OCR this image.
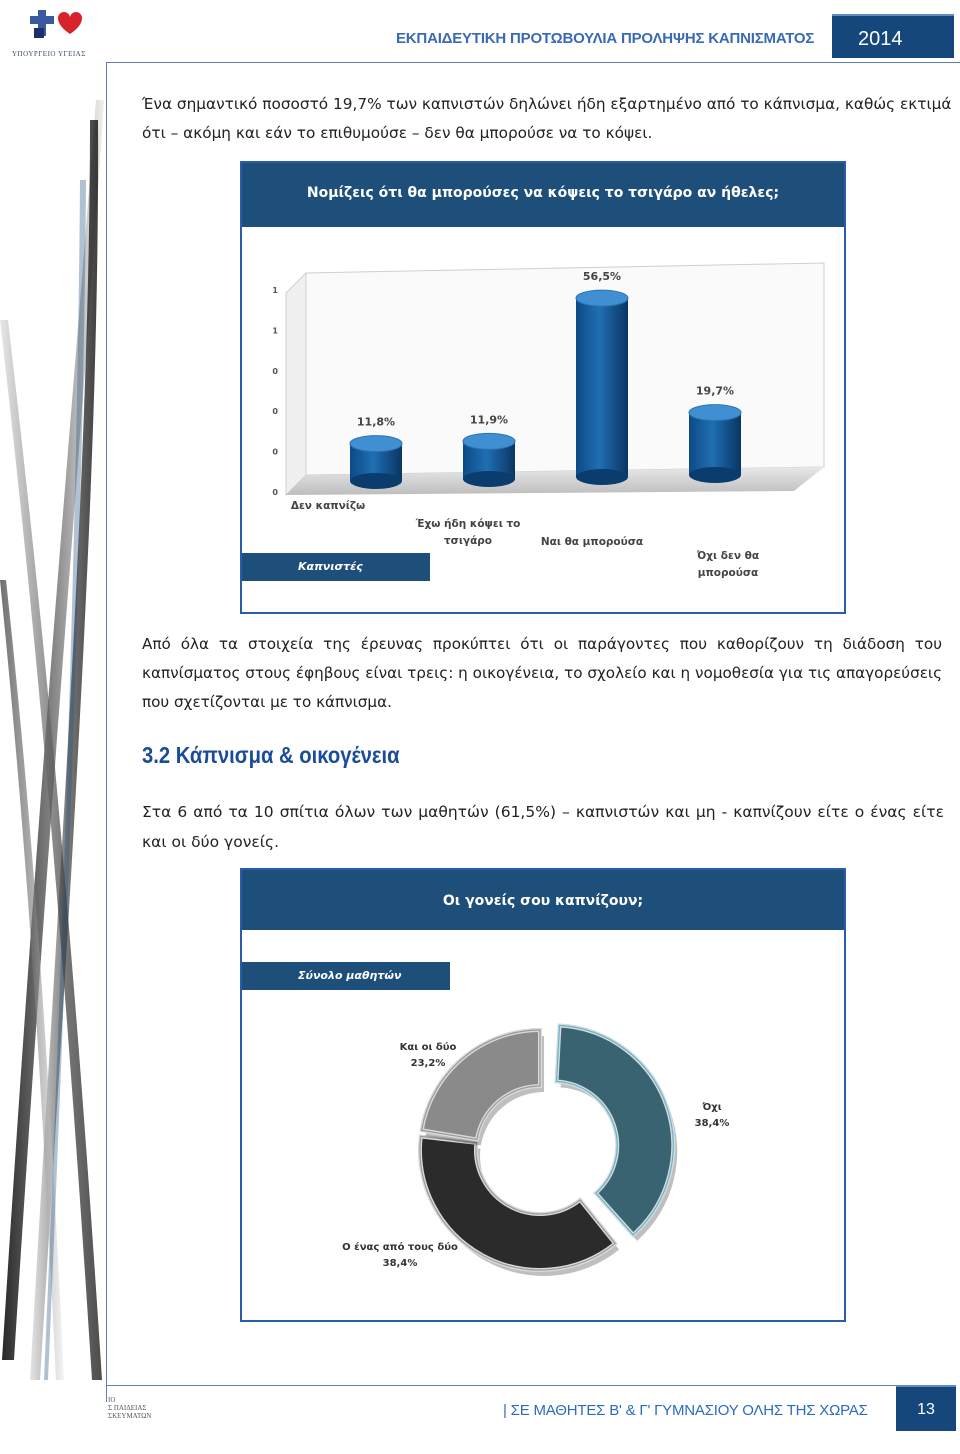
ΥΠΟΥΡΓΕΙΟ ΥΓΕΙΑΣ
ΕΚΠΑΙΔΕΥΤΙΚΗ ΠΡΟΤΩΒΟΥΛΙΑ ΠΡΟΛΗΨΗΣ ΚΑΠΝΙΣΜΑΤΟΣ 2014

Ένα σημαντικό ποσοστό 19,7% των καπνιστών δηλώνει ήδη εξαρτημένο από το κάπνισμα, καθώς εκτιμά ότι – ακόμη και εάν το επιθυμούσε – δεν θα μπορούσε να το κόψει.

Νομίζεις ότι θα μπορούσες να κόψεις το τσιγάρο αν ήθελες;
1
1
0
0
0
0
11,8%	11,9%
56,5%
19,7%
Δεν καπνίζω
Έχω ήδη κόψει το τσιγάρο	Ναι θα μπορούσα
Όχι δεν θα μπορούσα
Καπνιστές

Από όλα τα στοιχεία της έρευνας προκύπτει ότι οι παράγοντες που καθορίζουν τη διάδοση του καπνίσματος στους έφηβους είναι τρεις: η οικογένεια, το σχολείο και η νομοθεσία για τις απαγορεύσεις που σχετίζονται με το κάπνισμα.

3.2 Κάπνισμα & οικογένεια

Στα 6 από τα 10 σπίτια όλων των μαθητών (61,5%) – καπνιστών και μη - καπνίζουν είτε ο ένας είτε και οι δύο γονείς.

Οι γονείς σου καπνίζουν;
Σύνολο μαθητών
Όχι
38,4%
Ο ένας από τους δύο
38,4%
Και οι δύο
23,2%
ΙΟ
Σ ΠΑΙΔΕΙΑΣ
ΣΚΕΥΜΑΤΩΝ	| ΣΕ ΜΑΘΗΤΕΣ Β' & Γ' ΓΥΜΝΑΣΙΟΥ ΟΛΗΣ ΤΗΣ ΧΩΡΑΣ	13
